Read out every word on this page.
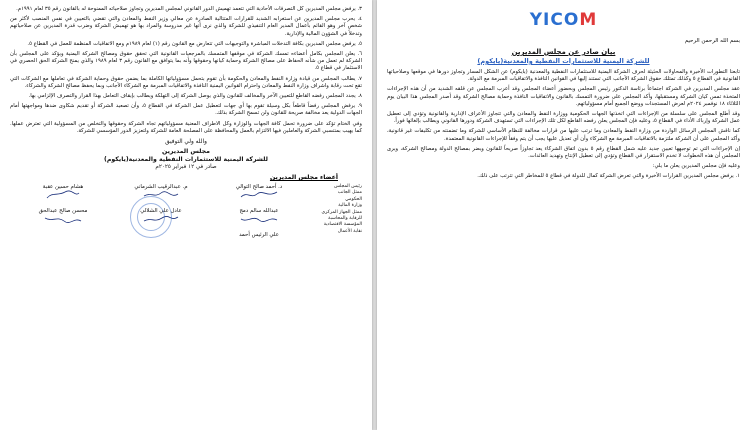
٣. يرفض مجلس المديرين كل التصرفات الأحادية التي تتعمد تهميش الدور القانوني لمجلس المديرين وتجاوز صلاحياته الممنوحة له بالقانون رقم ٣٥ لعام ١٩٩١م.

٤. يحرب مجلس المديرين عن استغرابه الشديد للقرارات المتتالية الصادرة عن معالي وزير النفط والمعادن والتي تقضي بالتعيين في نفس المنصب لأكثر من شخص آخر وهو القائم بأعمال المدير العام التنفيذي للشركة والذي نرى أنها غير مدروسة والمراد بها هو تهميش الشركة وضرب قدرة المديرين عن صلاحياتهم وتدخلاً في الشؤون المالية والإدارية.

٥. يرفض مجلس المديرين بكافة التدخلات المباشرة والتوجيهات التي تتعارض مع القانون رقم (١) لعام ١٩٨٩م ومع الاتفاقيات المنظمة للعمل في القطاع ٥.

٦. يعلن المجلس بكامل أعضاءه تمسك الشركة في موقفها المتمسك بالمرجعيات القانونية التي تحقق حقوق ومصالح الشركة اليمنية ويؤكد على المجلس بأن الشركة لم تعمل من شأنه الحفاظ على مصالح الشركة وحماية كيانها وحقوقها وأنه بما يتوافق مع القانون رقم ٣ لعام ١٩٨٩ والذي يمنح الشركة الحق الحصري في الاستثمار في قطاع ٥.

٧. يطالب المجلس من قيادة وزارة النفط والمعادن والحكومة بأن تقوم بتحمل مسؤولياتها الكاملة بما يضمن حقوق وحماية الشركة في تعاملها مع الشركات التي تقع تحت رقابة واشراف وزارة النفط والمعادن واحترام القوانين اليمنية النافذة والاتفاقيات المبرمة مع الشركاء الأجانب وبما يحفظ مصالح الشركة والشركاء.

٨. يجدد المجلس رفضه القاطع للتعيين الآخر والمخالف للقانون والذي يوصل الشركة إلى التهلكة ويطالب بإيقاف التعامل بهذا القرار والتصرف الإلزامي بها.

٩. يرفض المجلس رفضاً قاطعاً بكل وسيلة تقوم بها أي جهات لتعطيل عمل الشركة في القطاع ٥، وأن تصعيد الشركة أو تقديم شكاوى ضدها ومواجهتها أمام الجهات الدولية يعد مخالفة صريحة للقانون ولن تسمح الشركة بذلك.

وفي الختام تؤكد على ضرورة تحمل كافة الجهات والوزارة وكل الاطراف المعنية مسؤولياتهم تجاه الشركة وحقوقها والتخلص من المسؤولية التي تعترض عملها. كما يهيب بمنتسبي الشركة والعاملين فيها الالتزام بالعمل والمحافظة على المصلحة العامة للشركة ولتعزيز الدور المؤسسي للشركة.

والله ولي التوفيق

مجلس المديرين

للشركة اليمنية للاستثمارات النفطية والمعدنية(يايكوم)

صادر في ١٢ فبراير ٢٠٢٥م

أعضاء مجلس المديرين
رئيس المجلس
ممثل الجانب الحكومي
وزارة المالية
ممثل الجهاز المركزي
للرقابة والمحاسبة
المؤسسة الاقتصادية
نقابة الأعمال
د. أحمد صالح التوالي
م. عبدالرقيب الشرماني
هشام حسين عقبة
عبدالله سالم دمج
عادل علي الشلالي
محسن صالح عبدالحق
علي الرئيس أحمد
YICOM
بسم الله الرحمن الرحيم
بيان صادر عن مجلس المديرين
للشركة اليمنية للاستثمارات النفطية والمعدنية(يايكوم)

تابعنا التطورات الأخيرة والمحاولات الحثيثة لحرف الشركة اليمنية للاستثمارات النفطية والمعدنية (يايكوم) عن الشكل المسار وتجاوز دورها في موقعها وصلاحياتها القانونية في القطاع ٥ وكذلك تمتلك حقوق الشركة الأجانب التي تستند إليها في القوانين النافذة والاتفاقيات المبرمة مع الدولة.

عقد مجلس المديرين في الشركة اجتماعاً برئاسة الدكتور رئيس المجلس وبحضور أعضاء المجلس وقد أعرب المجلس عن قلقه الشديد من أن هذه الإجراءات المتخذة تمس كيان الشركة ومستقبلها، وأكد المجلس على ضرورة التمسك بالقانون والاتفاقيات النافذة وحماية مصالح الشركة وقد أصدر المجلس هذا البيان يوم الثلاثاء ١٨ نوفمبر ٢٠٢٤م لعرض المستجدات ووضع الجميع أمام مسؤولياتهم.

وقد أطلع المجلس على سلسلة من الإجراءات التي اتخذتها الجهات الحكومية ووزارة النفط والمعادن والتي تتجاوز الأعراف الإدارية والقانونية وتؤدي إلى تعطيل عمل الشركة وإرباك الأداء في القطاع ٥، وعليه فإن المجلس يعلن رفضه القاطع لكل تلك الإجراءات التي تستهدف الشركة ودورها القانوني ويطالب بإلغائها فوراً.

كما ناقش المجلس الرسائل الواردة من وزارة النفط والمعادن وما ترتب عليها من قرارات مخالفة للنظام الأساسي للشركة وما تضمنته من تكليفات غير قانونية، وأكد المجلس على أن الشركة ملتزمة بالاتفاقيات المبرمة مع الشركاء وأن أي تعديل عليها يجب أن يتم وفقاً للإجراءات القانونية المعتمدة.

إن الإجراءات التي تم توجيهها تعيين جديد عليه شمل القطاع رقم ٥ بدون اتفاق الشركاء يعد تجاوزاً صريحاً للقانون ويضر بمصالح الدولة ومصالح الشركة، ويرى المجلس أن هذه الخطوات لا تخدم الاستقرار في القطاع وتؤدي إلى تعطيل الإنتاج وتهديد العائدات.

وعليه فإن مجلس المديرين يعلن ما يلي:

١. يرفض مجلس المديرين القرارات الأخيرة والتي تعرض الشركة كمال للدولة في قطاع ٥ للمخاطر التي تترتب على ذلك.
